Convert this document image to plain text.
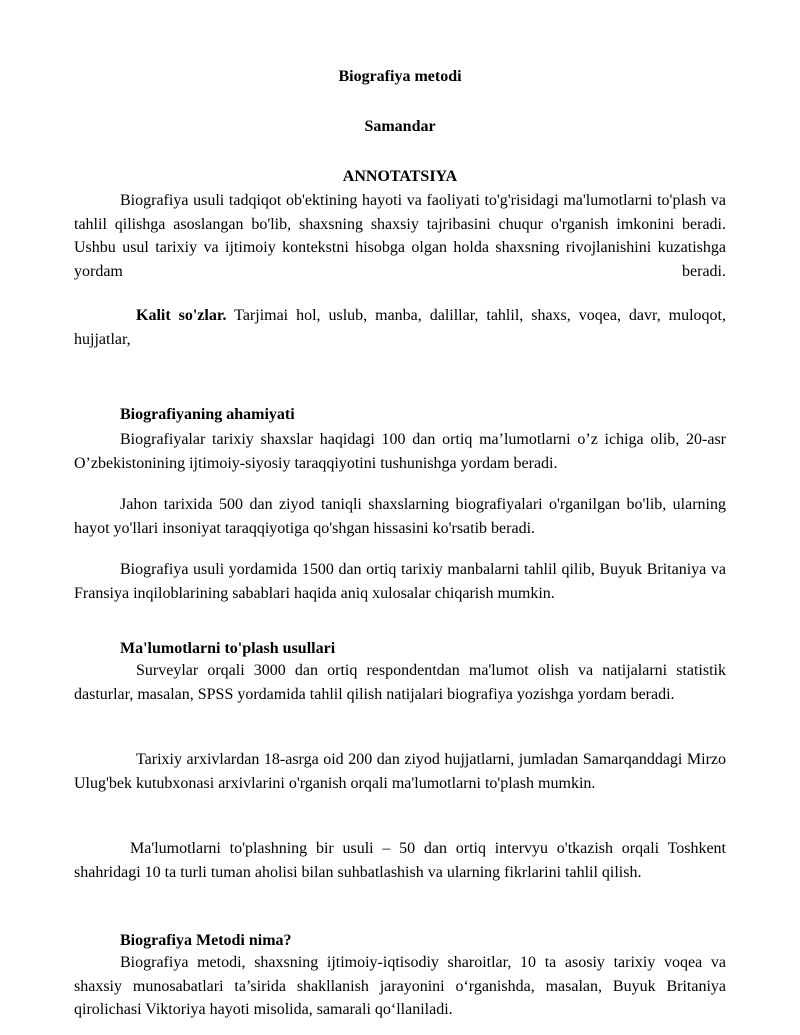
Biografiya metodi
Samandar
ANNOTATSIYA

Biografiya usuli tadqiqot ob'ektining hayoti va faoliyati to'g'risidagi ma'lumotlarni to'plash va tahlil qilishga asoslangan bo'lib, shaxsning shaxsiy tajribasini chuqur o'rganish imkonini beradi. Ushbu usul tarixiy va ijtimoiy kontekstni hisobga olgan holda shaxsning rivojlanishini kuzatishga yordam beradi.

Kalit so'zlar. Tarjimai hol, uslub, manba, dalillar, tahlil, shaxs, voqea, davr, muloqot, hujjatlar,

Biografiyaning ahamiyati

Biografiyalar tarixiy shaxslar haqidagi 100 dan ortiq ma’lumotlarni o’z ichiga olib, 20-asr O’zbekistonining ijtimoiy-siyosiy taraqqiyotini tushunishga yordam beradi.

Jahon tarixida 500 dan ziyod taniqli shaxslarning biografiyalari o'rganilgan bo'lib, ularning hayot yo'llari insoniyat taraqqiyotiga qo'shgan hissasini ko'rsatib beradi.

Biografiya usuli yordamida 1500 dan ortiq tarixiy manbalarni tahlil qilib, Buyuk Britaniya va Fransiya inqiloblarining sabablari haqida aniq xulosalar chiqarish mumkin.

Ma'lumotlarni to'plash usullari

Surveylar orqali 3000 dan ortiq respondentdan ma'lumot olish va natijalarni statistik dasturlar, masalan, SPSS yordamida tahlil qilish natijalari biografiya yozishga yordam beradi.

Tarixiy arxivlardan 18-asrga oid 200 dan ziyod hujjatlarni, jumladan Samarqanddagi Mirzo Ulug'bek kutubxonasi arxivlarini o'rganish orqali ma'lumotlarni to'plash mumkin.

Ma'lumotlarni to'plashning bir usuli – 50 dan ortiq intervyu o'tkazish orqali Toshkent shahridagi 10 ta turli tuman aholisi bilan suhbatlashish va ularning fikrlarini tahlil qilish.

Biografiya Metodi nima?

Biografiya metodi, shaxsning ijtimoiy-iqtisodiy sharoitlar, 10 ta asosiy tarixiy voqea va shaxsiy munosabatlari ta’sirida shakllanish jarayonini o‘rganishda, masalan, Buyuk Britaniya qirolichasi Viktoriya hayoti misolida, samarali qo‘llaniladi.
